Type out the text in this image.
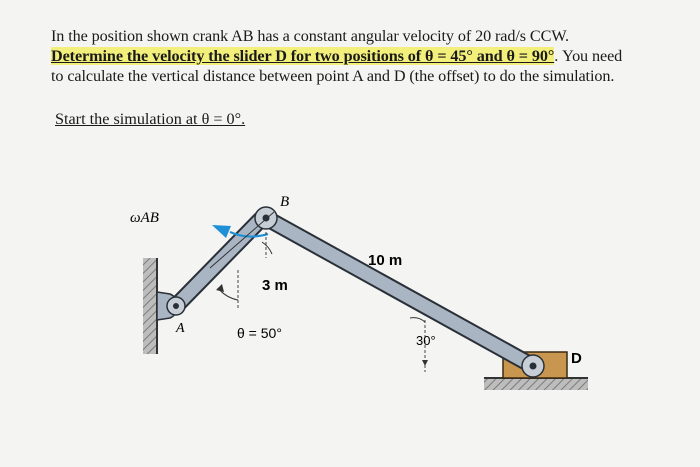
In the position shown crank AB has a constant angular velocity of 20 rad/s CCW.

Determine the velocity the slider D for two positions of θ = 45° and θ = 90°. You need

to calculate the vertical distance between point A and D (the offset) to do the simulation.

Start the simulation at θ = 0°.
ωAB
A
B
D
3 m
10 m
θ = 50°	30°
